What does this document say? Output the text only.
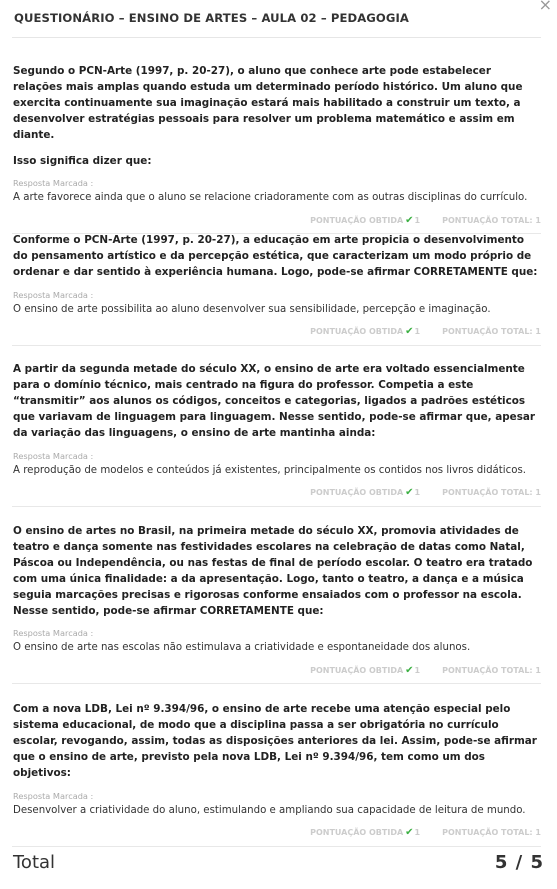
×
QUESTIONÁRIO – ENSINO DE ARTES – AULA 02 – PEDAGOGIA

Segundo o PCN-Arte (1997, p. 20-27), o aluno que conhece arte pode estabelecer relações mais amplas quando estuda um determinado período histórico. Um aluno que exercita continuamente sua imaginação estará mais habilitado a construir um texto, a desenvolver estratégias pessoais para resolver um problema matemático e assim em diante.

Isso significa dizer que:

Resposta Marcada :
A arte favorece ainda que o aluno se relacione criadoramente com as outras disciplinas do currículo.
PONTUAÇÃO OBTIDA ✔1	PONTUAÇÃO TOTAL: 1

Conforme o PCN-Arte (1997, p. 20-27), a educação em arte propicia o desenvolvimento do pensamento artístico e da percepção estética, que caracterizam um modo próprio de ordenar e dar sentido à experiência humana. Logo, pode-se afirmar CORRETAMENTE que:

Resposta Marcada :
O ensino de arte possibilita ao aluno desenvolver sua sensibilidade, percepção e imaginação.
PONTUAÇÃO OBTIDA ✔1	PONTUAÇÃO TOTAL: 1

A partir da segunda metade do século XX, o ensino de arte era voltado essencialmente para o domínio técnico, mais centrado na figura do professor. Competia a este “transmitir” aos alunos os códigos, conceitos e categorias, ligados a padrões estéticos que variavam de linguagem para linguagem. Nesse sentido, pode-se afirmar que, apesar da variação das linguagens, o ensino de arte mantinha ainda:

Resposta Marcada :
A reprodução de modelos e conteúdos já existentes, principalmente os contidos nos livros didáticos.
PONTUAÇÃO OBTIDA ✔1	PONTUAÇÃO TOTAL: 1

O ensino de artes no Brasil, na primeira metade do século XX, promovia atividades de teatro e dança somente nas festividades escolares na celebração de datas como Natal, Páscoa ou Independência, ou nas festas de final de período escolar. O teatro era tratado com uma única finalidade: a da apresentação. Logo, tanto o teatro, a dança e a música seguia marcações precisas e rigorosas conforme ensaiados com o professor na escola. Nesse sentido, pode-se afirmar CORRETAMENTE que:

Resposta Marcada :
O ensino de arte nas escolas não estimulava a criatividade e espontaneidade dos alunos.
PONTUAÇÃO OBTIDA ✔1	PONTUAÇÃO TOTAL: 1

Com a nova LDB, Lei nº 9.394/96, o ensino de arte recebe uma atenção especial pelo sistema educacional, de modo que a disciplina passa a ser obrigatória no currículo escolar, revogando, assim, todas as disposições anteriores da lei. Assim, pode-se afirmar que o ensino de arte, previsto pela nova LDB, Lei nº 9.394/96, tem como um dos objetivos:

Resposta Marcada :
Desenvolver a criatividade do aluno, estimulando e ampliando sua capacidade de leitura de mundo.
PONTUAÇÃO OBTIDA ✔1	PONTUAÇÃO TOTAL: 1
Total	5 / 5
